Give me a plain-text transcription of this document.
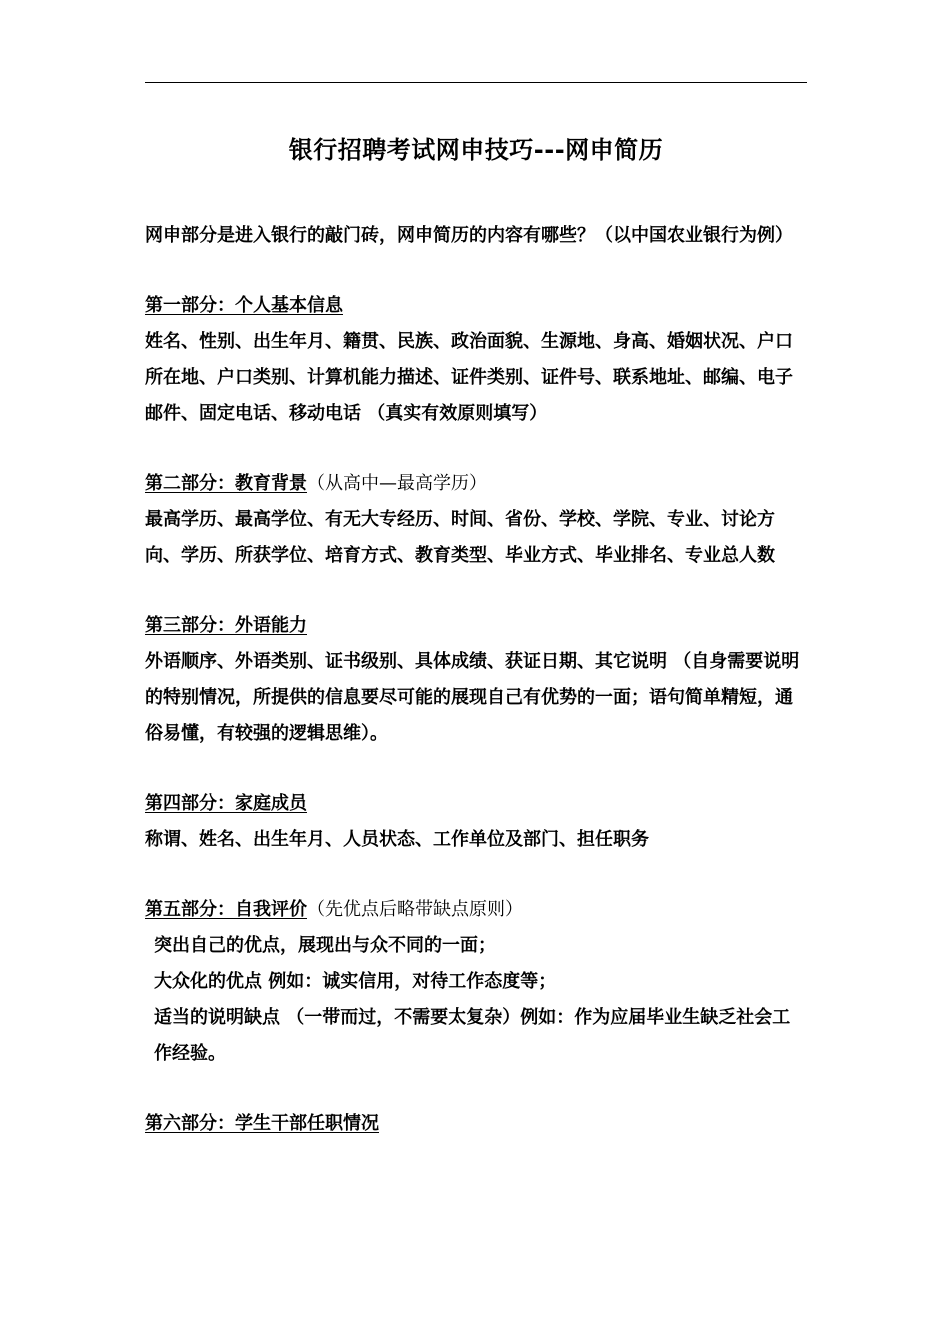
银行招聘考试网申技巧---网申简历

网申部分是进入银行的敲门砖，网申简历的内容有哪些？（以中国农业银行为例）

第一部分：个人基本信息

姓名、性别、出生年月、籍贯、民族、政治面貌、生源地、身高、婚姻状况、户口所在地、户口类别、计算机能力描述、证件类别、证件号、联系地址、邮编、电子邮件、固定电话、移动电话 （真实有效原则填写）

第二部分：教育背景（从高中—最高学历）

最高学历、最高学位、有无大专经历、时间、省份、学校、学院、专业、讨论方向、学历、所获学位、培育方式、教育类型、毕业方式、毕业排名、专业总人数

第三部分：外语能力

外语顺序、外语类别、证书级别、具体成绩、获证日期、其它说明 （自身需要说明的特别情况，所提供的信息要尽可能的展现自己有优势的一面；语句简单精短，通俗易懂，有较强的逻辑思维）。

第四部分：家庭成员

称谓、姓名、出生年月、人员状态、工作单位及部门、担任职务

第五部分：自我评价（先优点后略带缺点原则）

突出自己的优点，展现出与众不同的一面；

大众化的优点 例如：诚实信用，对待工作态度等；

适当的说明缺点 （一带而过，不需要太复杂）例如：作为应届毕业生缺乏社会工作经验。

第六部分：学生干部任职情况
